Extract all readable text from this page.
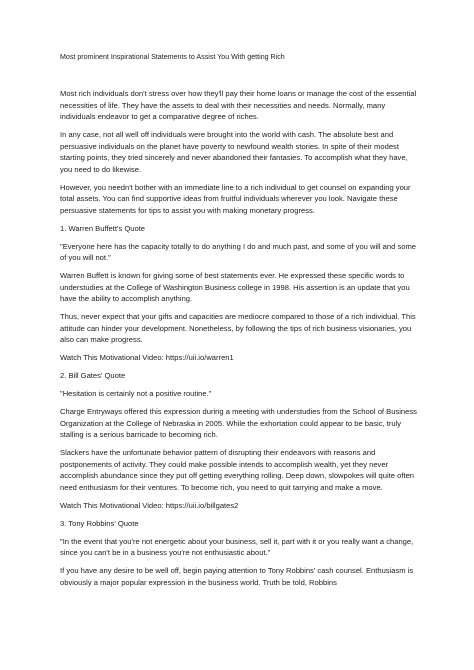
Most prominent Inspirational Statements to Assist You With getting Rich

Most rich individuals don't stress over how they'll pay their home loans or manage the cost of the essential necessities of life. They have the assets to deal with their necessities and needs. Normally, many individuals endeavor to get a comparative degree of riches.

In any case, not all well off individuals were brought into the world with cash. The absolute best and persuasive individuals on the planet have poverty to newfound wealth stories. In spite of their modest starting points, they tried sincerely and never abandoned their fantasies. To accomplish what they have, you need to do likewise.

However, you needn't bother with an immediate line to a rich individual to get counsel on expanding your total assets. You can find supportive ideas from fruitful individuals wherever you look. Navigate these persuasive statements for tips to assist you with making monetary progress.

1. Warren Buffett's Quote

"Everyone here has the capacity totally to do anything I do and much past, and some of you will and some of you will not."

Warren Buffett is known for giving some of best statements ever. He expressed these specific words to understudies at the College of Washington Business college in 1998. His assertion is an update that you have the ability to accomplish anything.

Thus, never expect that your gifts and capacities are mediocre compared to those of a rich individual. This attitude can hinder your development. Nonetheless, by following the tips of rich business visionaries, you also can make progress.

Watch This Motivational Video: https://uii.io/warren1

2. Bill Gates' Quote

"Hesitation is certainly not a positive routine."

Charge Entryways offered this expression during a meeting with understudies from the School of Business Organization at the College of Nebraska in 2005. While the exhortation could appear to be basic, truly stalling is a serious barricade to becoming rich.

Slackers have the unfortunate behavior pattern of disrupting their endeavors with reasons and postponements of activity. They could make possible intends to accomplish wealth, yet they never accomplish abundance since they put off getting everything rolling. Deep down, slowpokes will quite often need enthusiasm for their ventures. To become rich, you need to quit tarrying and make a move.

Watch This Motivational Video: https://uii.io/billgates2

3. Tony Robbins' Quote

"In the event that you're not energetic about your business, sell it, part with it or you really want a change, since you can't be in a business you're not enthusiastic about."

If you have any desire to be well off, begin paying attention to Tony Robbins' cash counsel. Enthusiasm is obviously a major popular expression in the business world. Truth be told, Robbins
